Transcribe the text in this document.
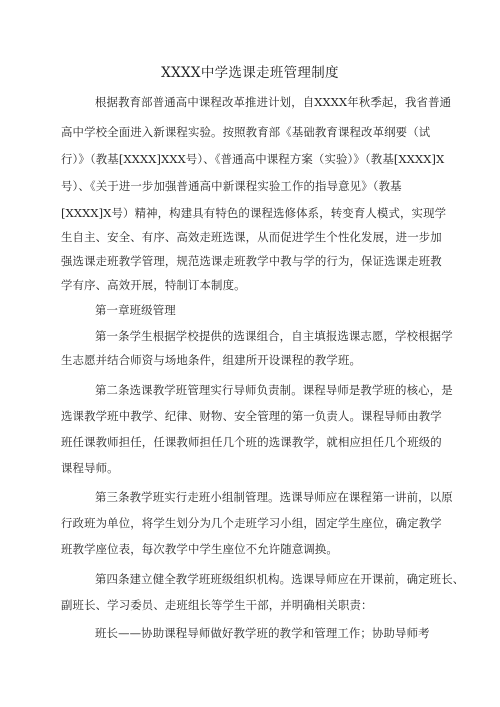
XXXX中学选课走班管理制度
根据教育部普通高中课程改革推进计划，自XXXX年秋季起，我省普通
高中学校全面进入新课程实验。按照教育部《基础教育课程改革纲要（试
行）》（教基[XXXX]XXX号）、《普通高中课程方案（实验）》（教基[XXXX]X
号）、《关于进一步加强普通高中新课程实验工作的指导意见》（教基
[XXXX]X号）精神，构建具有特色的课程选修体系，转变育人模式，实现学
生自主、安全、有序、高效走班选课，从而促进学生个性化发展，进一步加
强选课走班教学管理，规范选课走班教学中教与学的行为，保证选课走班教
学有序、高效开展，特制订本制度。
第一章班级管理
第一条学生根据学校提供的选课组合，自主填报选课志愿，学校根据学
生志愿并结合师资与场地条件，组建所开设课程的教学班。
第二条选课教学班管理实行导师负责制。课程导师是教学班的核心，是
选课教学班中教学、纪律、财物、安全管理的第一负责人。课程导师由教学
班任课教师担任，任课教师担任几个班的选课教学，就相应担任几个班级的
课程导师。
第三条教学班实行走班小组制管理。选课导师应在课程第一讲前，以原
行政班为单位，将学生划分为几个走班学习小组，固定学生座位，确定教学
班教学座位表，每次教学中学生座位不允许随意调换。
第四条建立健全教学班班级组织机构。选课导师应在开课前，确定班长、
副班长、学习委员、走班组长等学生干部，并明确相关职责：
班长——协助课程导师做好教学班的教学和管理工作；协助导师考
